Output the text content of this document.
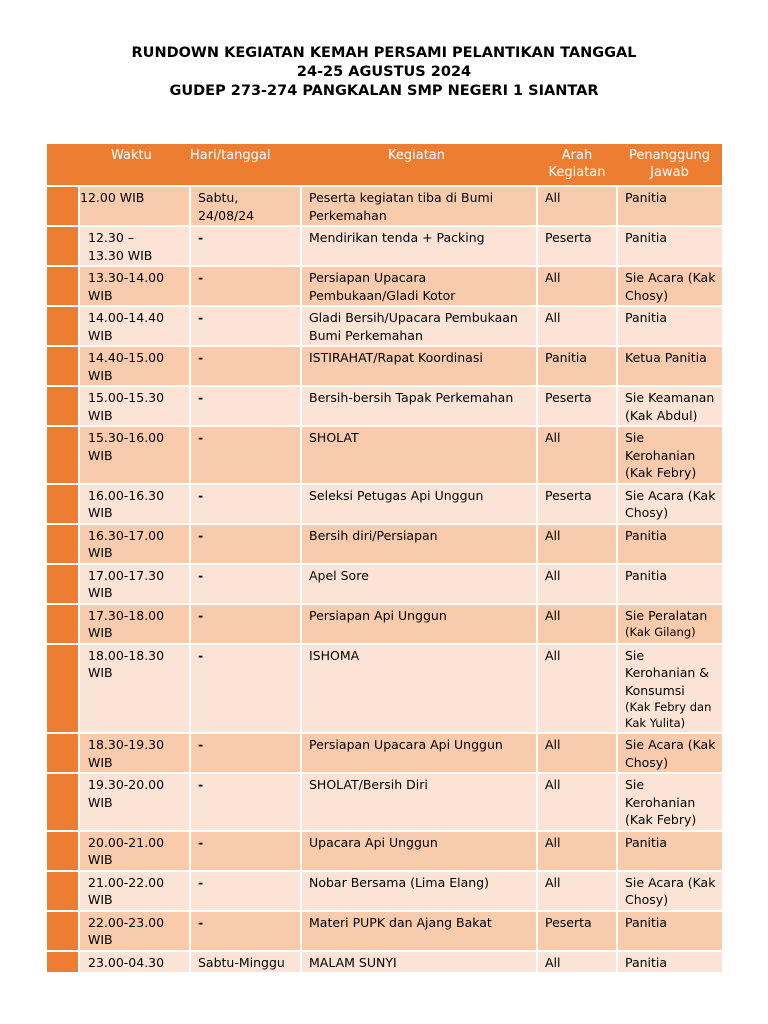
RUNDOWN KEGIATAN KEMAH PERSAMI PELANTIKAN TANGGAL
24-25 AGUSTUS 2024
GUDEP 273-274 PANGKALAN SMP NEGERI 1 SIANTAR
	Waktu	Hari/tanggal	Kegiatan	Arah Kegiatan	Penanggung Jawab
	12.00 WIB	Sabtu, 24/08/24	Peserta kegiatan tiba di Bumi Perkemahan	All	Panitia

	12.30 – 13.30 WIB	-	Mendirikan tenda + Packing	Peserta	Panitia

	13.30-14.00 WIB	-	Persiapan Upacara Pembukaan/Gladi Kotor	All	Sie Acara (Kak Chosy)

	14.00-14.40 WIB	-	Gladi Bersih/Upacara Pembukaan Bumi Perkemahan	All	Panitia

	14.40-15.00 WIB	-	ISTIRAHAT/Rapat Koordinasi	Panitia	Ketua Panitia

	15.00-15.30 WIB	-	Bersih-bersih Tapak Perkemahan	Peserta	Sie Keamanan (Kak Abdul)

	15.30-16.00 WIB	-	SHOLAT	All	Sie Kerohanian (Kak Febry)

	16.00-16.30 WIB	-	Seleksi Petugas Api Unggun	Peserta	Sie Acara (Kak Chosy)

	16.30-17.00 WIB	-	Bersih diri/Persiapan	All	Panitia

	17.00-17.30 WIB	-	Apel Sore	All	Panitia

	17.30-18.00 WIB	-	Persiapan Api Unggun	All	Sie Peralatan
(Kak Gilang)

	18.00-18.30 WIB	-	ISHOMA	All	Sie Kerohanian & Konsumsi
(Kak Febry dan Kak Yulita)

	18.30-19.30 WIB	-	Persiapan Upacara Api Unggun	All	Sie Acara (Kak Chosy)

	19.30-20.00 WIB	-	SHOLAT/Bersih Diri	All	Sie Kerohanian (Kak Febry)

	20.00-21.00 WIB	-	Upacara Api Unggun	All	Panitia

	21.00-22.00 WIB	-	Nobar Bersama (Lima Elang)	All	Sie Acara (Kak Chosy)

	22.00-23.00 WIB	-	Materi PUPK dan Ajang Bakat	Peserta	Panitia

	23.00-04.30	Sabtu-Minggu	MALAM SUNYI	All	Panitia
